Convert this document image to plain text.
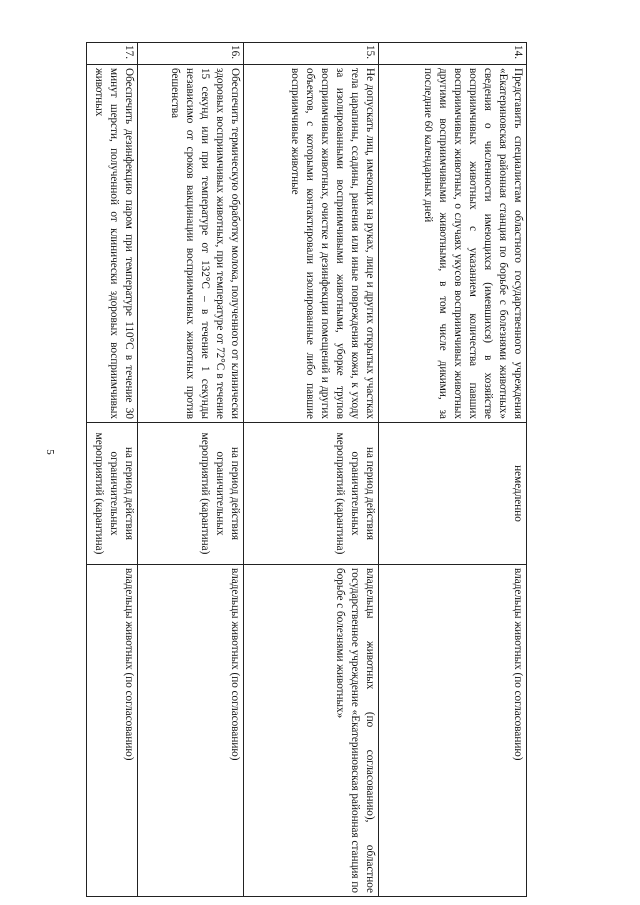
5
14.	Представить специалистам областного государственного учреждения «Екатериновская районная станция по борьбе с болезнями животных» сведения о численности имеющихся (имевшихся) в хозяйстве восприимчивых животных с указанием количества павших восприимчивых животных, о случаях укусов восприимчивых животных другими восприимчивыми животными, в том числе дикими, за последние 60 календарных дней	немедленно	владельцы животных (по согласованию)
15.	Не допускать лиц, имеющих на руках, лице и других открытых участках тела царапины, ссадины, ранения или иные повреждения кожи, к уходу за изолированными восприимчивыми животными, уборке трупов восприимчивых животных, очистке и дезинфекции помещений и других объектов, с которыми контактировали изолированные либо павшие восприимчивые животные	на период действия ограничительных мероприятий (карантина)	владельцы животных (по согласованию), областное государственное учреждение «Екатериновская районная станция по борьбе с болезнями животных»
16.	Обеспечить термическую обработку молока, полученного от клинически здоровых восприимчивых животных, при температуре от 72°С в течение 15 секунд или при температуре от 132°С – в течение 1 секунды независимо от сроков вакцинации восприимчивых животных против бешенства	на период действия ограничительных мероприятий (карантина)	владельцы животных (по согласованию)
17.	Обеспечить дезинфекцию паром при температуре 110°С в течение 30 минут шерсти, полученной от клинически здоровых восприимчивых животных	на период действия ограничительных мероприятий (карантина)	владельцы животных (по согласованию)
